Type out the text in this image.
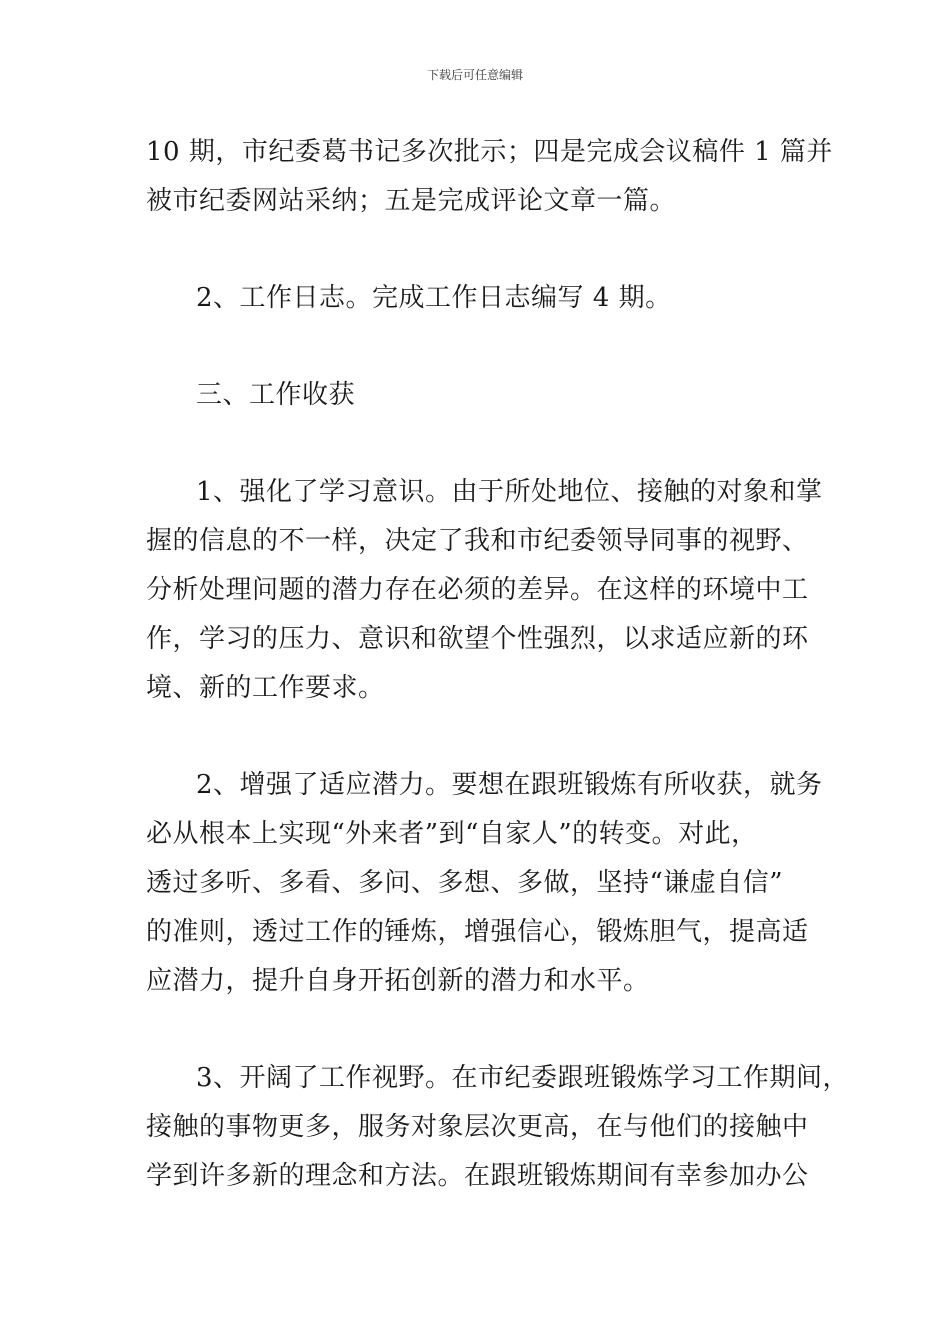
下载后可任意编辑
10 期，市纪委葛书记多次批示；四是完成会议稿件 1 篇并
被市纪委网站采纳；五是完成评论文章一篇。
2、工作日志。完成工作日志编写 4 期。
三、工作收获
1、强化了学习意识。由于所处地位、接触的对象和掌
握的信息的不一样，决定了我和市纪委领导同事的视野、
分析处理问题的潜力存在必须的差异。在这样的环境中工
作，学习的压力、意识和欲望个性强烈，以求适应新的环
境、新的工作要求。
2、增强了适应潜力。要想在跟班锻炼有所收获，就务
必从根本上实现“外来者”到“自家人”的转变。对此，
透过多听、多看、多问、多想、多做，坚持“谦虚自信”
的准则，透过工作的锤炼，增强信心，锻炼胆气，提高适
应潜力，提升自身开拓创新的潜力和水平。
3、开阔了工作视野。在市纪委跟班锻炼学习工作期间，
接触的事物更多，服务对象层次更高，在与他们的接触中
学到许多新的理念和方法。在跟班锻炼期间有幸参加办公
